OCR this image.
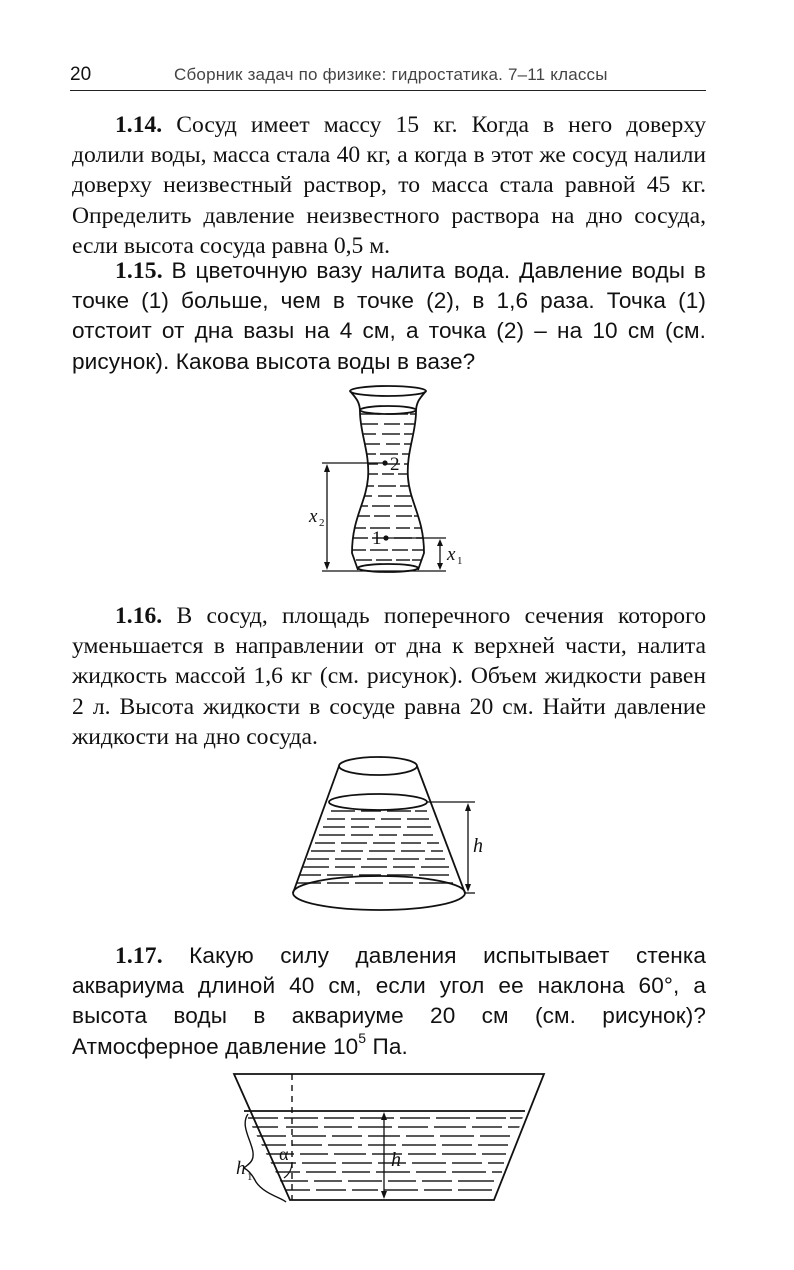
20	Сборник задач по физике: гидростатика. 7–11 классы

1.14. Сосуд имеет массу 15 кг. Когда в него доверху долили воды, масса стала 40 кг, а когда в этот же сосуд налили доверху неизвестный раствор, то масса стала равной 45 кг. Определить давление неизвестного раствора на дно сосуда, если высота сосуда равна 0,5 м.

1.15. В цветочную вазу налита вода. Давление воды в точке (1) больше, чем в точке (2), в 1,6 раза. Точка (1) отстоит от дна вазы на 4 см, а точка (2) – на 10 см (см. рисунок). Какова высота воды в вазе?

2
1
x 2
x 1

1.16. В сосуд, площадь поперечного сечения которого уменьшается в направлении от дна к верхней части, налита жидкость массой 1,6 кг (см. рисунок). Объем жидкости равен 2 л. Высота жидкости в сосуде равна 20 см. Найти давление жидкости на дно сосуда.

h

1.17. Какую силу давления испытывает стенка аквариума длиной 40 см, если угол ее наклона 60°, а высота воды в аквариуме 20 см (см. рисунок)? Атмосферное давление $10^5$ Па.

α	h
h 1
